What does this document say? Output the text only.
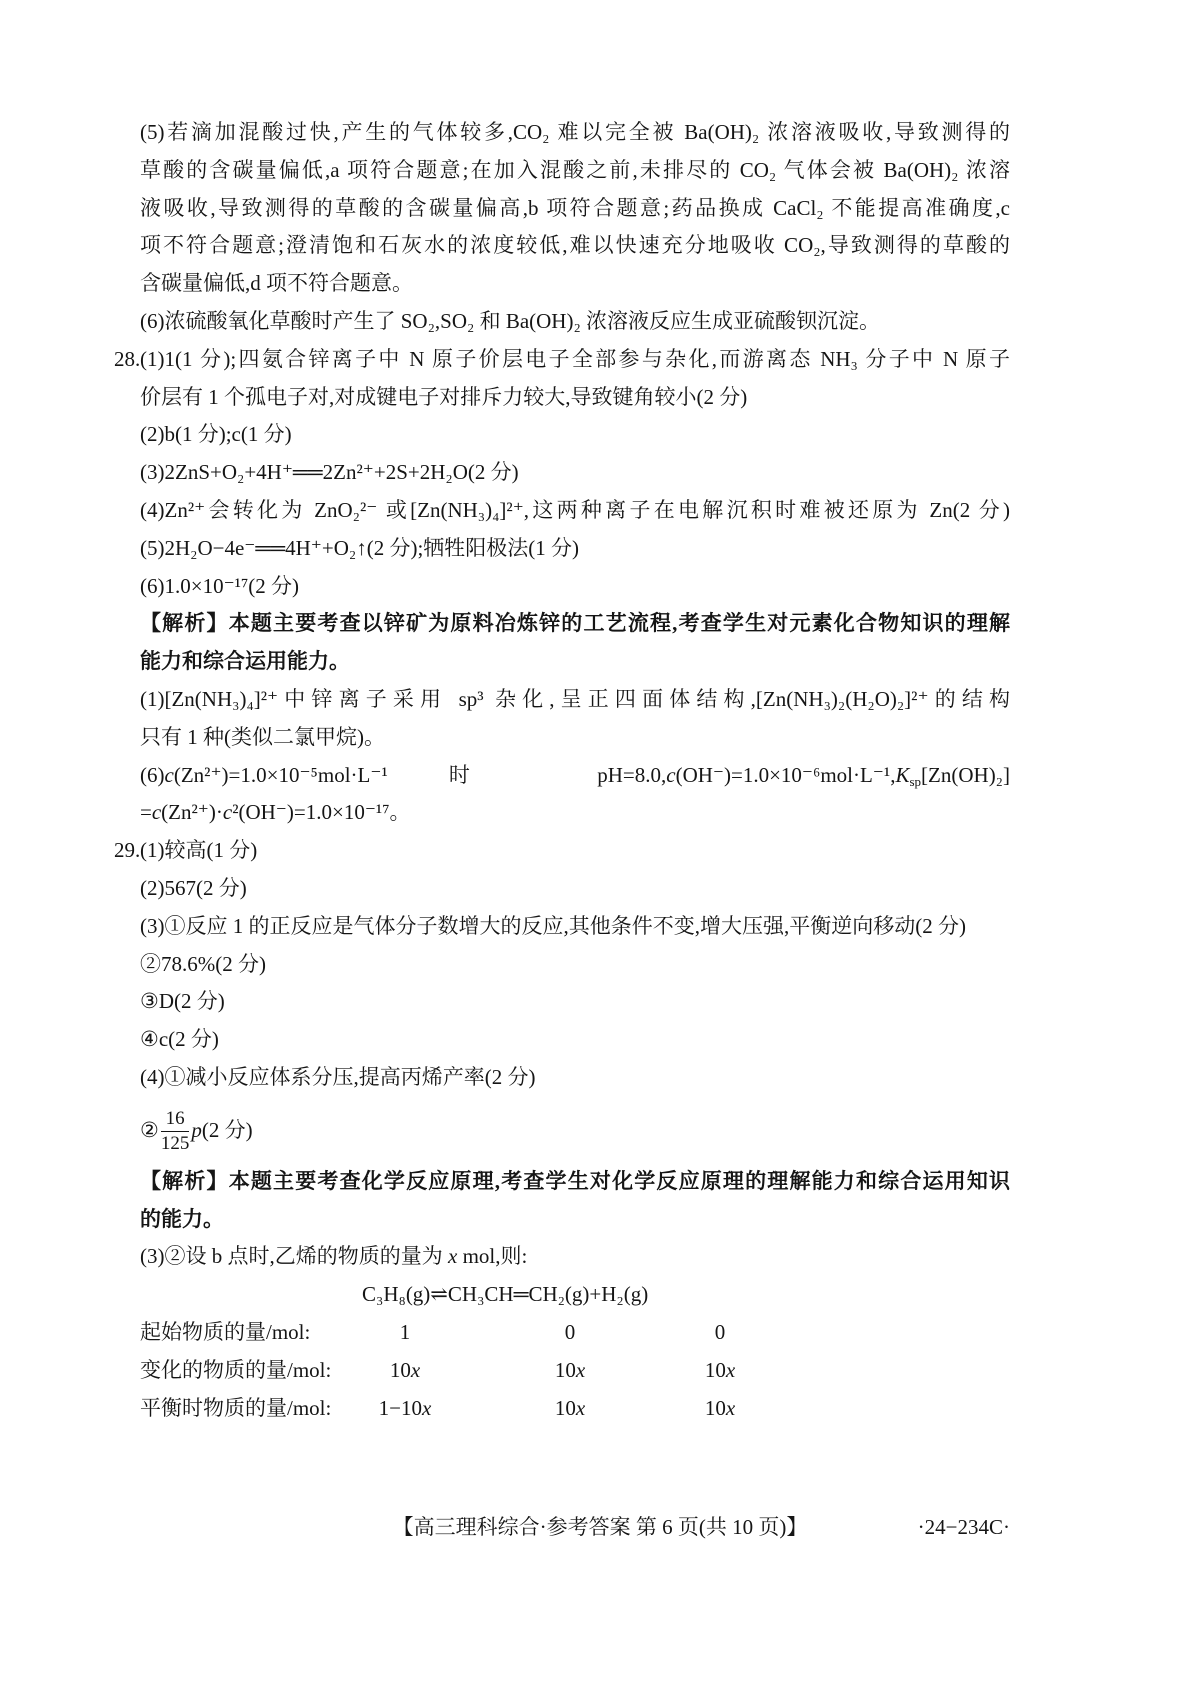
(5)若滴加混酸过快,产生的气体较多,CO₂ 难以完全被 Ba(OH)₂ 浓溶液吸收,导致测得的
草酸的含碳量偏低,a 项符合题意;在加入混酸之前,未排尽的 CO₂ 气体会被 Ba(OH)₂ 浓溶
液吸收,导致测得的草酸的含碳量偏高,b 项符合题意;药品换成 CaCl₂ 不能提高准确度,c
项不符合题意;澄清饱和石灰水的浓度较低,难以快速充分地吸收 CO₂,导致测得的草酸的
含碳量偏低,d 项不符合题意。
(6)浓硫酸氧化草酸时产生了 SO₂,SO₂ 和 Ba(OH)₂ 浓溶液反应生成亚硫酸钡沉淀。
28. (1)1(1 分);四氨合锌离子中 N 原子价层电子全部参与杂化,而游离态 NH₃ 分子中 N 原子
价层有 1 个孤电子对,对成键电子对排斥力较大,导致键角较小(2 分)
(2)b(1 分);c(1 分)
(3)2ZnS+O₂+4H⁺══2Zn²⁺+2S+2H₂O(2 分)
(4)Zn²⁺会转化为 ZnO₂²⁻ 或[Zn(NH₃)₄]²⁺,这两种离子在电解沉积时难被还原为 Zn(2 分)
(5)2H₂O−4e⁻══4H⁺+O₂↑(2 分);牺牲阳极法(1 分)
(6)1.0×10⁻¹⁷(2 分)
【解析】本题主要考查以锌矿为原料冶炼锌的工艺流程,考查学生对元素化合物知识的理解
能力和综合运用能力。
(1)[Zn(NH₃)₄]²⁺中锌离子采用 sp³ 杂化,呈正四面体结构,[Zn(NH₃)₂(H₂O)₂]²⁺的结构
只有 1 种(类似二氯甲烷)。
(6)c(Zn²⁺)=1.0×10⁻⁵mol·L⁻¹时 $pH=8.0,c(OH^-)=1.0\times 10^{-6}mol\cdot L^{-1},K_{sp}[Zn(OH)_2]$
=c(Zn²⁺)·c²(OH⁻)=1.0×10⁻¹⁷。
29. (1)较高(1 分)
(2)567(2 分)
(3)①反应 1 的正反应是气体分子数增大的反应,其他条件不变,增大压强,平衡逆向移动(2 分)
②78.6%(2 分)
③D(2 分)
④c(2 分)
(4)①减小反应体系分压,提高丙烯产率(2 分)
② $\frac{16}{125} p(2$ 分)
【解析】本题主要考查化学反应原理,考查学生对化学反应原理的理解能力和综合运用知识
的能力。
(3)②设 b 点时,乙烯的物质的量为 x mol,则:
C₃H₈(g)⇌CH₃CH═CH₂(g)+H₂(g)
起始物质的量/mol:	1	0	0
变化的物质的量/mol:	10x	10x	10x
平衡时物质的量/mol:	1−10x	10x	10x
【高三理科综合·参考答案 第 6 页(共 10 页)】	·24−234C·
